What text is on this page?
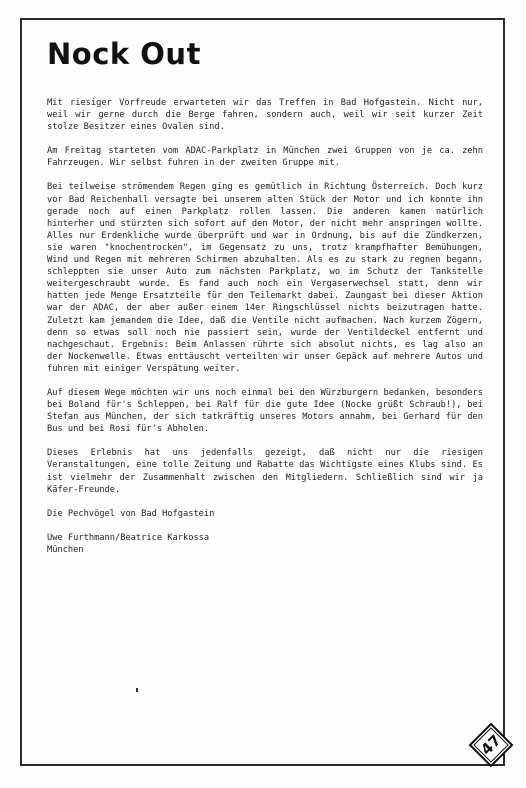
Nock Out

Mit riesiger Vorfreude erwarteten wir das Treffen in Bad Hofgastein. Nicht nur, weil wir gerne durch die Berge fahren, sondern auch, weil wir seit kurzer Zeit stolze Besitzer eines Ovalen sind.

Am Freitag starteten vom ADAC-Parkplatz in München zwei Gruppen von je ca. zehn Fahrzeugen. Wir selbst fuhren in der zweiten Gruppe mit.

Bei teilweise strömendem Regen ging es gemütlich in Richtung Österreich. Doch kurz vor Bad Reichenhall versagte bei unserem alten Stück der Motor und ich konnte ihn gerade noch auf einen Parkplatz rollen lassen. Die anderen kamen natürlich hinterher und stürzten sich sofort auf den Motor, der nicht mehr anspringen wollte. Alles nur Erdenkliche wurde überprüft und war in Ordnung, bis auf die Zündkerzen, sie waren "knochentrocken", im Gegensatz zu uns, trotz krampfhafter Bemühungen, Wind und Regen mit mehreren Schirmen abzuhalten. Als es zu stark zu regnen begann, schleppten sie unser Auto zum nächsten Parkplatz, wo im Schutz der Tankstelle weitergeschraubt wurde. Es fand auch noch ein Vergaserwechsel statt, denn wir hatten jede Menge Ersatzteile für den Teilemarkt dabei. Zaungast bei dieser Aktion war der ADAC, der aber außer einem 14er Ringschlüssel nichts beizutragen hatte. Zuletzt kam jemandem die Idee, daß die Ventile nicht aufmachen. Nach kurzem Zögern, denn so etwas soll noch nie passiert sein, wurde der Ventildeckel entfernt und nachgeschaut. Ergebnis: Beim Anlassen rührte sich absolut nichts, es lag also an der Nockenwelle. Etwas enttäuscht verteilten wir unser Gepäck auf mehrere Autos und fuhren mit einiger Verspätung weiter.

Auf diesem Wege möchten wir uns noch einmal bei den Würzburgern bedanken, besonders bei Boland für's Schleppen, bei Ralf für die gute Idee (Nocke grüßt Schraub!), bei Stefan aus München, der sich tatkräftig unseres Motors annahm, bei Gerhard für den Bus und bei Rosi für's Abholen.

Dieses Erlebnis hat uns jedenfalls gezeigt, daß nicht nur die riesigen Veranstaltungen, eine tolle Zeitung und Rabatte das Wichtigste eines Klubs sind. Es ist vielmehr der Zusammenhalt zwischen den Mitgliedern. Schließlich sind wir ja Käfer-Freunde.

Die Pechvögel von Bad Hofgastein

Uwe Furthmann/Beatrice Karkossa
München

47
